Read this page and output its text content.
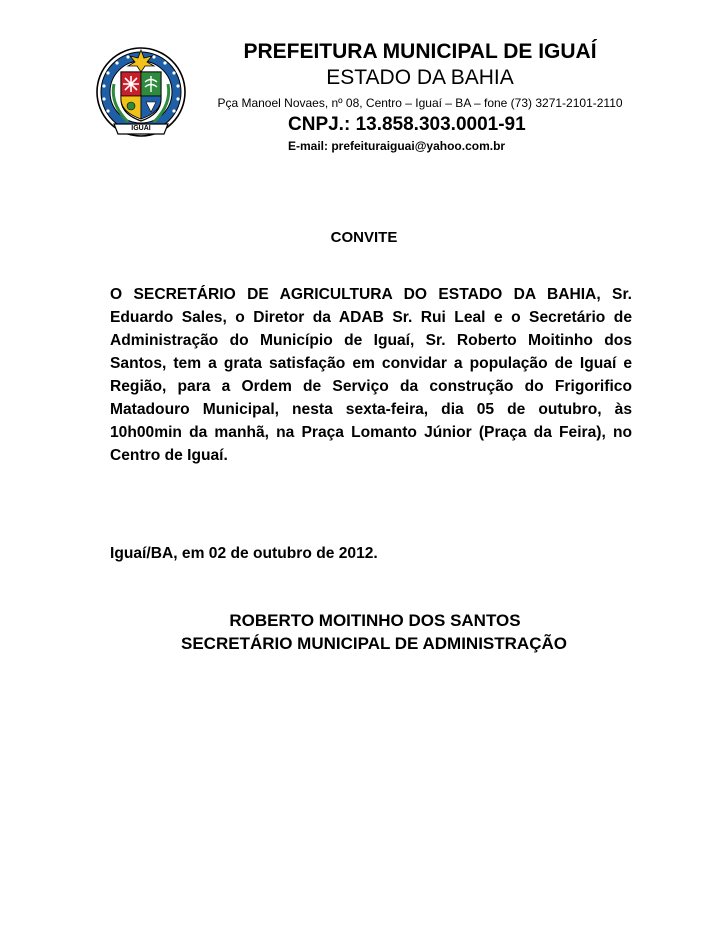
IGUAÍ
PREFEITURA MUNICIPAL DE IGUAÍ
ESTADO DA BAHIA
Pça Manoel Novaes, nº 08, Centro – Iguaí – BA – fone (73) 3271-2101-2110
CNPJ.: 13.858.303.0001-91
E-mail: prefeituraiguai@yahoo.com.br
CONVITE
O SECRETÁRIO DE AGRICULTURA DO ESTADO DA BAHIA, Sr. Eduardo Sales, o Diretor da ADAB Sr. Rui Leal e o Secretário de Administração do Município de Iguaí, Sr. Roberto Moitinho dos Santos, tem a grata satisfação em convidar a população de Iguaí e Região, para a Ordem de Serviço da construção do Frigorifico Matadouro Municipal, nesta sexta-feira, dia 05 de outubro, às 10h00min da manhã, na Praça Lomanto Júnior (Praça da Feira), no Centro de Iguaí.
Iguaí/BA, em 02 de outubro de 2012.
ROBERTO MOITINHO DOS SANTOS
SECRETÁRIO MUNICIPAL DE ADMINISTRAÇÃO
